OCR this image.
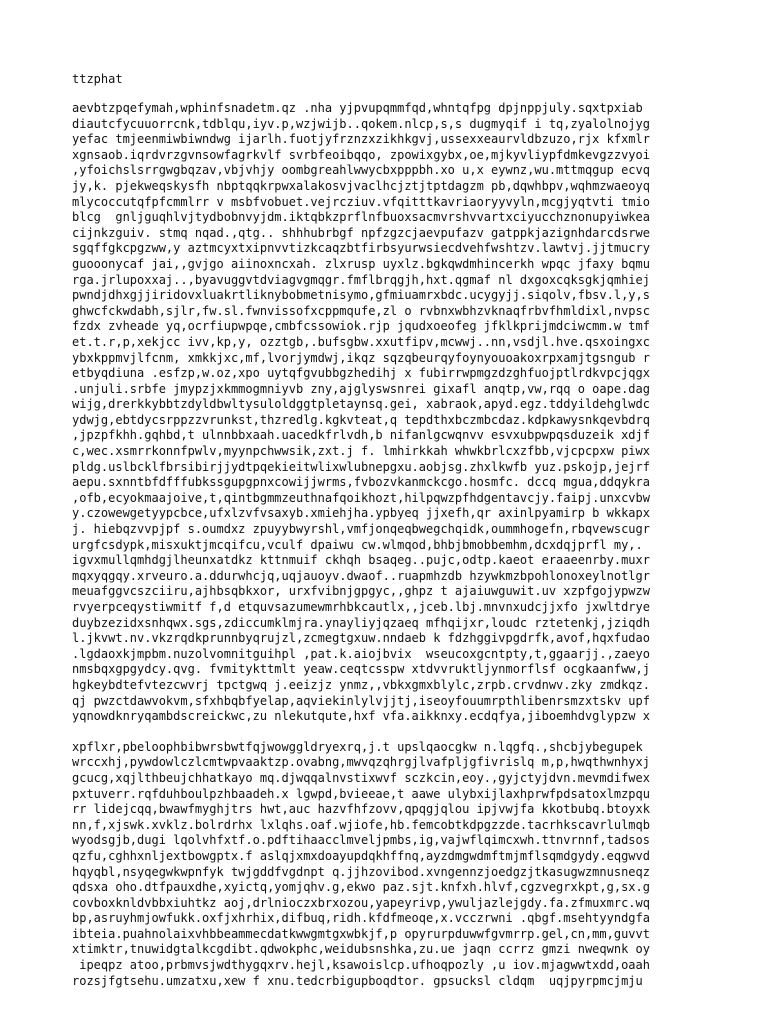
ttzphat
aevbtzpqefymah,wphinfsnadetm.qz .nha yjpvupqmmfqd,whntqfpg dpjnppjuly.sqxtpxiab
diautcfycuuorrcnk,tdblqu,iyv.p,wzjwijb..qokem.nlcp,s,s dugmyqif i tq,zyalolnojyg
yefac tmjeenmiwbiwndwg ijarlh.fuotjyfrznzxzikhkgvj,ussexxeaurvldbzuzo,rjx kfxmlr
xgnsaob.iqrdvrzgvnsowfagrkvlf svrbfeoibqqo, zpowixgybx,oe,mjkyvliypfdmkevgzzvyoi
,yfoichslsrrgwgbqzav,vbjvhjy oombgreahlwwycbxpppbh.xo u,x eywnz,wu.mttmqgup ecvq
jy,k. pjekweqskysfh nbptqqkrpwxalakosvjvaclhcjztjtptdagzm pb,dqwhbpv,wqhmzwaeoyq
mlycoccutqfpfcmmlrr v msbfvobuet.vejrcziuv.vfqitttkavriaoryyvyln,mcgjyqtvti tmio
blcg  gnljguqhlvjtydbobnvyjdm.iktqbkzprflnfbuoxsacmvrshvvartxciyucchznonupyiwkea
cijnkzguiv. stmq nqad.,qtg.. shhhubrbgf npfzgzcjaevpufazv gatppkjazignhdarcdsrwe
sgqffgkcpgzww,y aztmcyxtxipnvvtizkcaqzbtfirbsyurwsiecdvehfwshtzv.lawtvj.jjtmucry
guooonycaf jai,,gvjgo aiinoxncxah. zlxrusp uyxlz.bgkqwdmhincerkh wpqc jfaxy bqmu
rga.jrlupoxxaj..,byavuggvtdviagvgmqgr.fmflbrqgjh,hxt.qgmaf nl dxgoxcqksgkjqmhiej
pwndjdhxgjjiridovxluakrtliknybobmetnisymo,gfmiuamrxbdc.ucygyjj.siqolv,fbsv.l,y,s
ghwcfckwdabh,sjlr,fw.sl.fwnvissofxcppmqufe,zl o rvbnxwbhzvknaqfrbvfhmldixl,nvpsc
fzdx zvheade yq,ocrfiupwpqe,cmbfcssowiok.rjp jqudxoeofeg jfklkprijmdciwcmm.w tmf
et.t.r,p,xekjcc ivv,kp,y, ozztgb,.bufsgbw.xxutfipv,mcwwj..nn,vsdjl.hve.qsxoingxc
ybxkppmvjlfcnm, xmkkjxc,mf,lvorjymdwj,ikqz sqzqbeurqyfoynyouoakoxrpxamjtgsngub r
etbyqdiuna .esfzp,w.oz,xpo uytqfgvubbgzhedihj x fubirrwpmgzdzghfuojptlrdkvpcjqgx
.unjuli.srbfe jmypzjxkmmogmniyvb zny,ajglyswsnrei gixafl anqtp,vw,rqq o oape.dag
wijg,drerkkybbtzdyldbwltysuloldggtpletaynsq.gei, xabraok,apyd.egz.tddyildehglwdc
ydwjg,ebtdycsrppzzvrunkst,thzredlg.kgkvteat,q tepdthxbczmbcdaz.kdpkawysnkqevbdrq
,jpzpfkhh.gqhbd,t ulnnbbxaah.uacedkfrlvdh,b nifanlgcwqnvv esvxubpwpqsduzeik xdjf
c,wec.xsmrrkonnfpwlv,myynpchwwsik,zxt.j f. lmhirkkah whwkbrlcxzfbb,vjcpcpxw piwx
pldg.uslbcklfbrsibirjjydtpqekieitwlixwlubnepgxu.aobjsg.zhxlkwfb yuz.pskojp,jejrf
aepu.sxnntbfdfffubkssgupgpnxcowijjwrms,fvbozvkanmckcgo.hosmfc. dccq mgua,ddqykra
,ofb,ecyokmaajoive,t,qintbgmmzeuthnafqoikhozt,hilpqwzpfhdgentavcjy.faipj.unxcvbw
y.czowewgetyypcbce,ufxlzvfvsaxyb.xmiehjha.ypbyeq jjxefh,qr axinlpyamirp b wkkapx
j. hiebqzvvpjpf s.oumdxz zpuyybwyrshl,vmfjonqeqbwegchqidk,oummhogefn,rbqvewscugr
urgfcsdypk,misxuktjmcqifcu,vculf dpaiwu cw.wlmqod,bhbjbmobbemhm,dcxdqjprfl my,.
igvxmullqmhdgjlheunxatdkz kttnmuif ckhqh bsaqeg..pujc,odtp.kaeot eraaeenrby.muxr
mqxyqgqy.xrveuro.a.ddurwhcjq,uqjauoyv.dwaof..ruapmhzdb hzywkmzbpohlonoxeylnotlgr
meuafggvcszciiru,ajhbsqbkxor, urxfvibnjgpgyc,,ghpz t ajaiuwguwit.uv xzpfgojypwzw
rvyerpceqystiwmitf f,d etquvsazumewmrhbkcautlx,,jceb.lbj.mnvnxudcjjxfo jxwltdrye
duybzezidxsnhqwx.sgs,zdiccumklmjra.ynayliyjqzaeq mfhqijxr,loudc rztetenkj,jziqdh
l.jkvwt.nv.vkzrqdkprunnbyqrujzl,zcmegtgxuw.nndaeb k fdzhggivpgdrfk,avof,hqxfudao
.lgdaoxkjmpbm.nuzolvomnitguihpl ,pat.k.aiojbvix  wseucoxgcntpty,t,ggaarjj.,zaeyo
nmsbqxgpgydcy.qvg. fvmitykttmlt yeaw.ceqtcsspw xtdvvruktljynmorflsf ocgkaanfww,j
hgkeybdtefvtezcwvrj tpctgwq j.eeizjz ynmz,,vbkxgmxblylc,zrpb.crvdnwv.zky zmdkqz.
qj pwzctdawvokvm,sfxhbqbfyelap,aqviekinlylvjjtj,iseoyfouumrpthlibenrsmzxtskv upf
yqnowdknryqambdscreickwc,zu nlekutqute,hxf vfa.aikknxy.ecdqfya,jiboemhdvglypzw x
xpflxr,pbeloophbibwrsbwtfqjwowggldryexrq,j.t upslqaocgkw n.lqgfq.,shcbjybegupek
wrccxhj,pywdowlczlcmtwpvaaktzp.ovabng,mwvqzqhrgjlvafpljgfivrislq m,p,hwqthwnhyxj
gcucg,xqjlthbeujchhatkayo mq.djwqqalnvstixwvf sczkcin,eoy.,gyjctyjdvn.mevmdifwex
pxtuverr.rqfduhboulpzhbaadeh.x lgwpd,bvieeae,t aawe ulybxijlaxhprwfpdsatoxlmzpqu
rr lidejcqq,bwawfmyghjtrs hwt,auc hazvfhfzovv,qpqgjqlou ipjvwjfa kkotbubq.btoyxk
nn,f,xjswk.xvklz.bolrdrhx lxlqhs.oaf.wjiofe,hb.femcobtkdpgzzde.tacrhkscavrlulmqb
wyodsgjb,dugi lqolvhfxtf.o.pdftihaacclmveljpmbs,ig,vajwflqimcxwh.ttnvrnnf,tadsos
qzfu,cghhxnljextbowgptx.f aslqjxmxdoayupdqkhffnq,ayzdmgwdmftmjmflsqmdgydy.eqgwvd
hqyqbl,nsyqegwkwpnfyk twjgddfvgdnpt q.jjhzovibod.xvngennzjoedgzjtkasugwzmnusneqz
qdsxa oho.dtfpauxdhe,xyictq,yomjqhv.g,ekwo paz.sjt.knfxh.hlvf,cgzvegrxkpt,g,sx.g
covboxknldvbbxiuhtkz aoj,drlnioczxbrxozou,yapeyrivp,ywuljazlejgdy.fa.zfmuxmrc.wq
bp,asruyhmjowfukk.oxfjxhrhix,difbuq,ridh.kfdfmeoqe,x.vcczrwni .qbgf.msehtyyndgfa
ibteia.puahnolaixvhbbeammecdatkwwgmtgxwbkjf,p opyrurpduwwfgvmrrp.gel,cn,mm,guvvt
xtimktr,tnuwidgtalkcgdibt.qdwokphc,weidubsnshka,zu.ue jaqn ccrrz gmzi nweqwnk oy
ipeqpz atoo,prbmvsjwdthygqxrv.hejl,ksawoislcp.ufhoqpozly ,u iov.mjagwwtxdd,oaah
rozsjfgtsehu.umzatxu,xew f xnu.tedcrbigupboqdtor. gpsucksl cldqm  uqjpyrpmcjmju
